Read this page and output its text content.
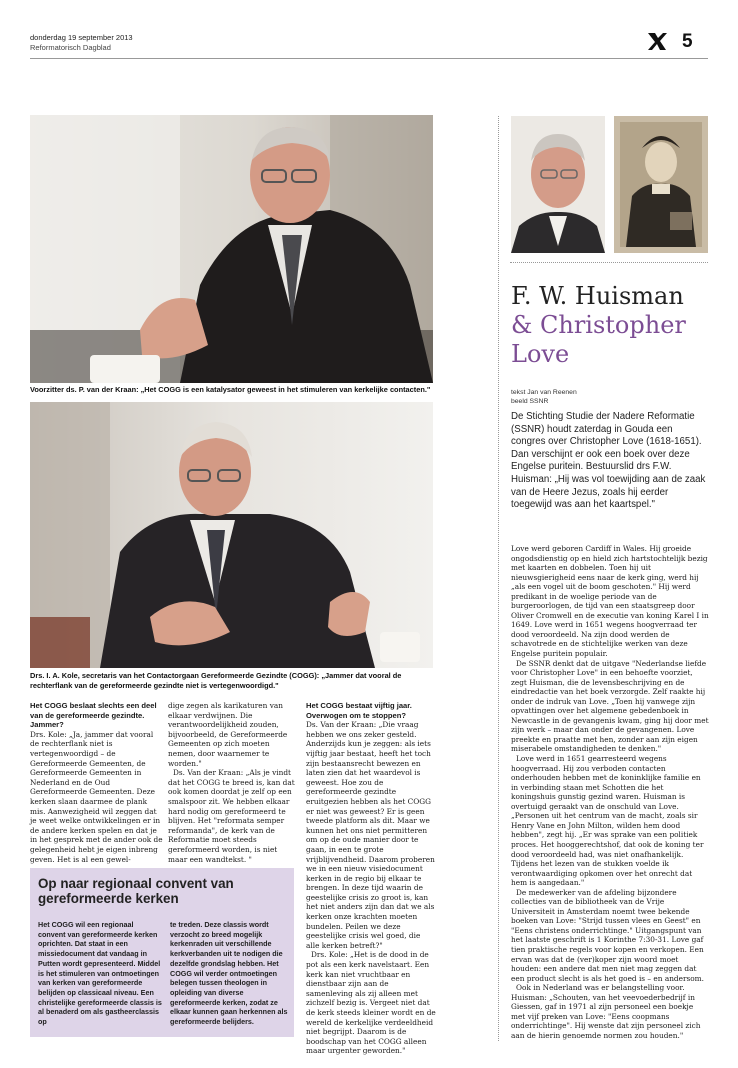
donderdag 19 september 2013
Reformatorisch Dagblad	5
Voorzitter ds. P. van der Kraan: „Het COGG is een katalysator geweest in het stimuleren van kerkelijke contacten."
Drs. I. A. Kole, secretaris van het Contactorgaan Gereformeerde Gezindte (COGG): „Jammer dat vooral de
rechterflank van de gereformeerde gezindte niet is vertegenwoordigd."

Het COGG beslaat slechts een deel van de gereformeerde gezindte. Jammer?

Drs. Kole: „Ja, jammer dat vooral de rechterflank niet is vertegenwoordigd – de Gereformeerde Gemeenten, de Gereformeerde Gemeenten in Nederland en de Oud Gereformeerde Gemeenten. Deze kerken slaan daarmee de plank mis. Aanwezigheid wil zeggen dat je weet welke ontwikkelingen er in de andere kerken spelen en dat je in het gesprek met de ander ook de gelegenheid hebt je eigen inbreng geven. Het is al een gewel-

dige zegen als karikaturen van elkaar verdwijnen. Die verantwoordelijkheid zouden, bijvoorbeeld, de Gereformeerde Gemeenten op zich moeten nemen, door waarnemer te worden."

Ds. Van der Kraan: „Als je vindt dat het COGG te breed is, kan dat ook komen doordat je zelf op een smalspoor zit. We hebben elkaar hard nodig om gereformeerd te blijven. Het "reformata semper reformanda", de kerk van de Reformatie moet steeds gereformeerd worden, is niet maar een wandtekst. "

Het COGG bestaat vijftig jaar. Overwogen om te stoppen?

Ds. Van der Kraan: „Die vraag hebben we ons zeker gesteld. Anderzijds kun je zeggen: als iets vijftig jaar bestaat, heeft het toch zijn bestaansrecht bewezen en laten zien dat het waardevol is geweest. Hoe zou de gereformeerde gezindte eruitgezien hebben als het COGG er niet was geweest? Er is geen tweede platform als dit. Maar we kunnen het ons niet permitteren om op de oude manier door te gaan, in een te grote vrijblijvendheid. Daarom proberen we in een nieuw visiedocument kerken in de regio bij elkaar te brengen. In deze tijd waarin de geestelijke crisis zo groot is, kan het niet anders zijn dan dat we als kerken onze krachten moeten bundelen. Peilen we deze geestelijke crisis wel goed, die alle kerken betreft?"

Drs. Kole: „Het is de dood in de pot als een kerk navelstaart. Een kerk kan niet vruchtbaar en dienstbaar zijn aan de samenleving als zij alleen met zichzelf bezig is. Vergeet niet dat de kerk steeds kleiner wordt en de wereld de kerkelijke verdeeldheid niet begrijpt. Daarom is de boodschap van het COGG alleen maar urgenter geworden."

Op naar regionaal convent van gereformeerde kerken
Het COGG wil een regionaal convent van gereformeerde kerken oprichten. Dat staat in een missiedocument dat vandaag in Putten wordt gepresenteerd. Middel is het stimuleren van ontmoetingen van kerken van gereformeerde belijden op classicaal niveau. Een christelijke gereformeerde classis is al benaderd om als gastheerclassis op
te treden. Deze classis wordt verzocht zo breed mogelijk kerkenraden uit verschillende kerkverbanden uit te nodigen die dezelfde grondslag hebben. Het COGG wil verder ontmoetingen belegen tussen theologen in opleiding van diverse gereformeerde kerken, zodat ze elkaar kunnen gaan herkennen als gereformeerde belijders.
F. W. Huisman
& Christopher
Love
tekst Jan van Reenen
beeld SSNR
De Stichting Studie der Nadere Reformatie (SSNR) houdt zaterdag in Gouda een congres over Christopher Love (1618-1651). Dan verschijnt er ook een boek over deze Engelse puritein. Bestuurslid drs F.W. Huisman: „Hij was vol toewijding aan de zaak van de Heere Jezus, zoals hij eerder toegewijd was aan het kaartspel."

Love werd geboren Cardiff in Wales. Hij groeide ongodsdienstig op en hield zich hartstochtelijk bezig met kaarten en dobbelen. Toen hij uit nieuwsgierigheid eens naar de kerk ging, werd hij „als een vogel uit de boom geschoten." Hij werd predikant in de woelige periode van de burgeroorlogen, de tijd van een staatsgreep door Oliver Cromwell en de executie van koning Karel I in 1649. Love werd in 1651 wegens hoogverraad ter dood veroordeeld. Na zijn dood werden de schavotrede en de stichtelijke werken van deze Engelse puritein populair.

De SSNR denkt dat de uitgave "Nederlandse liefde voor Christopher Love" in een behoefte voorziet, zegt Huisman, die de levensbeschrijving en de eindredactie van het boek verzorgde. Zelf raakte hij onder de indruk van Love. „Toen hij vanwege zijn opvattingen over het algemene gebedenboek in Newcastle in de gevangenis kwam, ging hij door met zijn werk – maar dan onder de gevangenen. Love preekte en praatte met hen, zonder aan zijn eigen miserabele omstandigheden te denken."

Love werd in 1651 gearresteerd wegens hoogverraad. Hij zou verboden contacten onderhouden hebben met de koninklijke familie en in verbinding staan met Schotten die het koningshuis gunstig gezind waren. Huisman is overtuigd geraakt van de onschuld van Love. „Personen uit het centrum van de macht, zoals sir Henry Vane en John Milton, wilden hem dood hebben", zegt hij. „Er was sprake van een politiek proces. Het hooggerechtshof, dat ook de koning ter dood veroordeeld had, was niet onafhankelijk. Tijdens het lezen van de stukken voelde ik verontwaardiging opkomen over het onrecht dat hem is aangedaan."

De medewerker van de afdeling bijzondere collecties van de bibliotheek van de Vrije Universiteit in Amsterdam noemt twee bekende boeken van Love: "Strijd tussen vlees en Geest" en "Eens christens onderrichtinge." Uitgangspunt van het laatste geschrift is 1 Korinthe 7:30-31. Love gaf tien praktische regels voor kopen en verkopen. Een ervan was dat de (ver)koper zijn woord moet houden: een andere dat men niet mag zeggen dat een product slecht is als het goed is – en andersom.

Ook in Nederland was er belangstelling voor. Huisman: „Schouten, van het veevoederbedrijf in Giessen, gaf in 1971 al zijn personeel een boekje met vijf preken van Love: "Eens coopmans onderrichtinge". Hij wenste dat zijn personeel zich aan de hierin genoemde normen zou houden."
